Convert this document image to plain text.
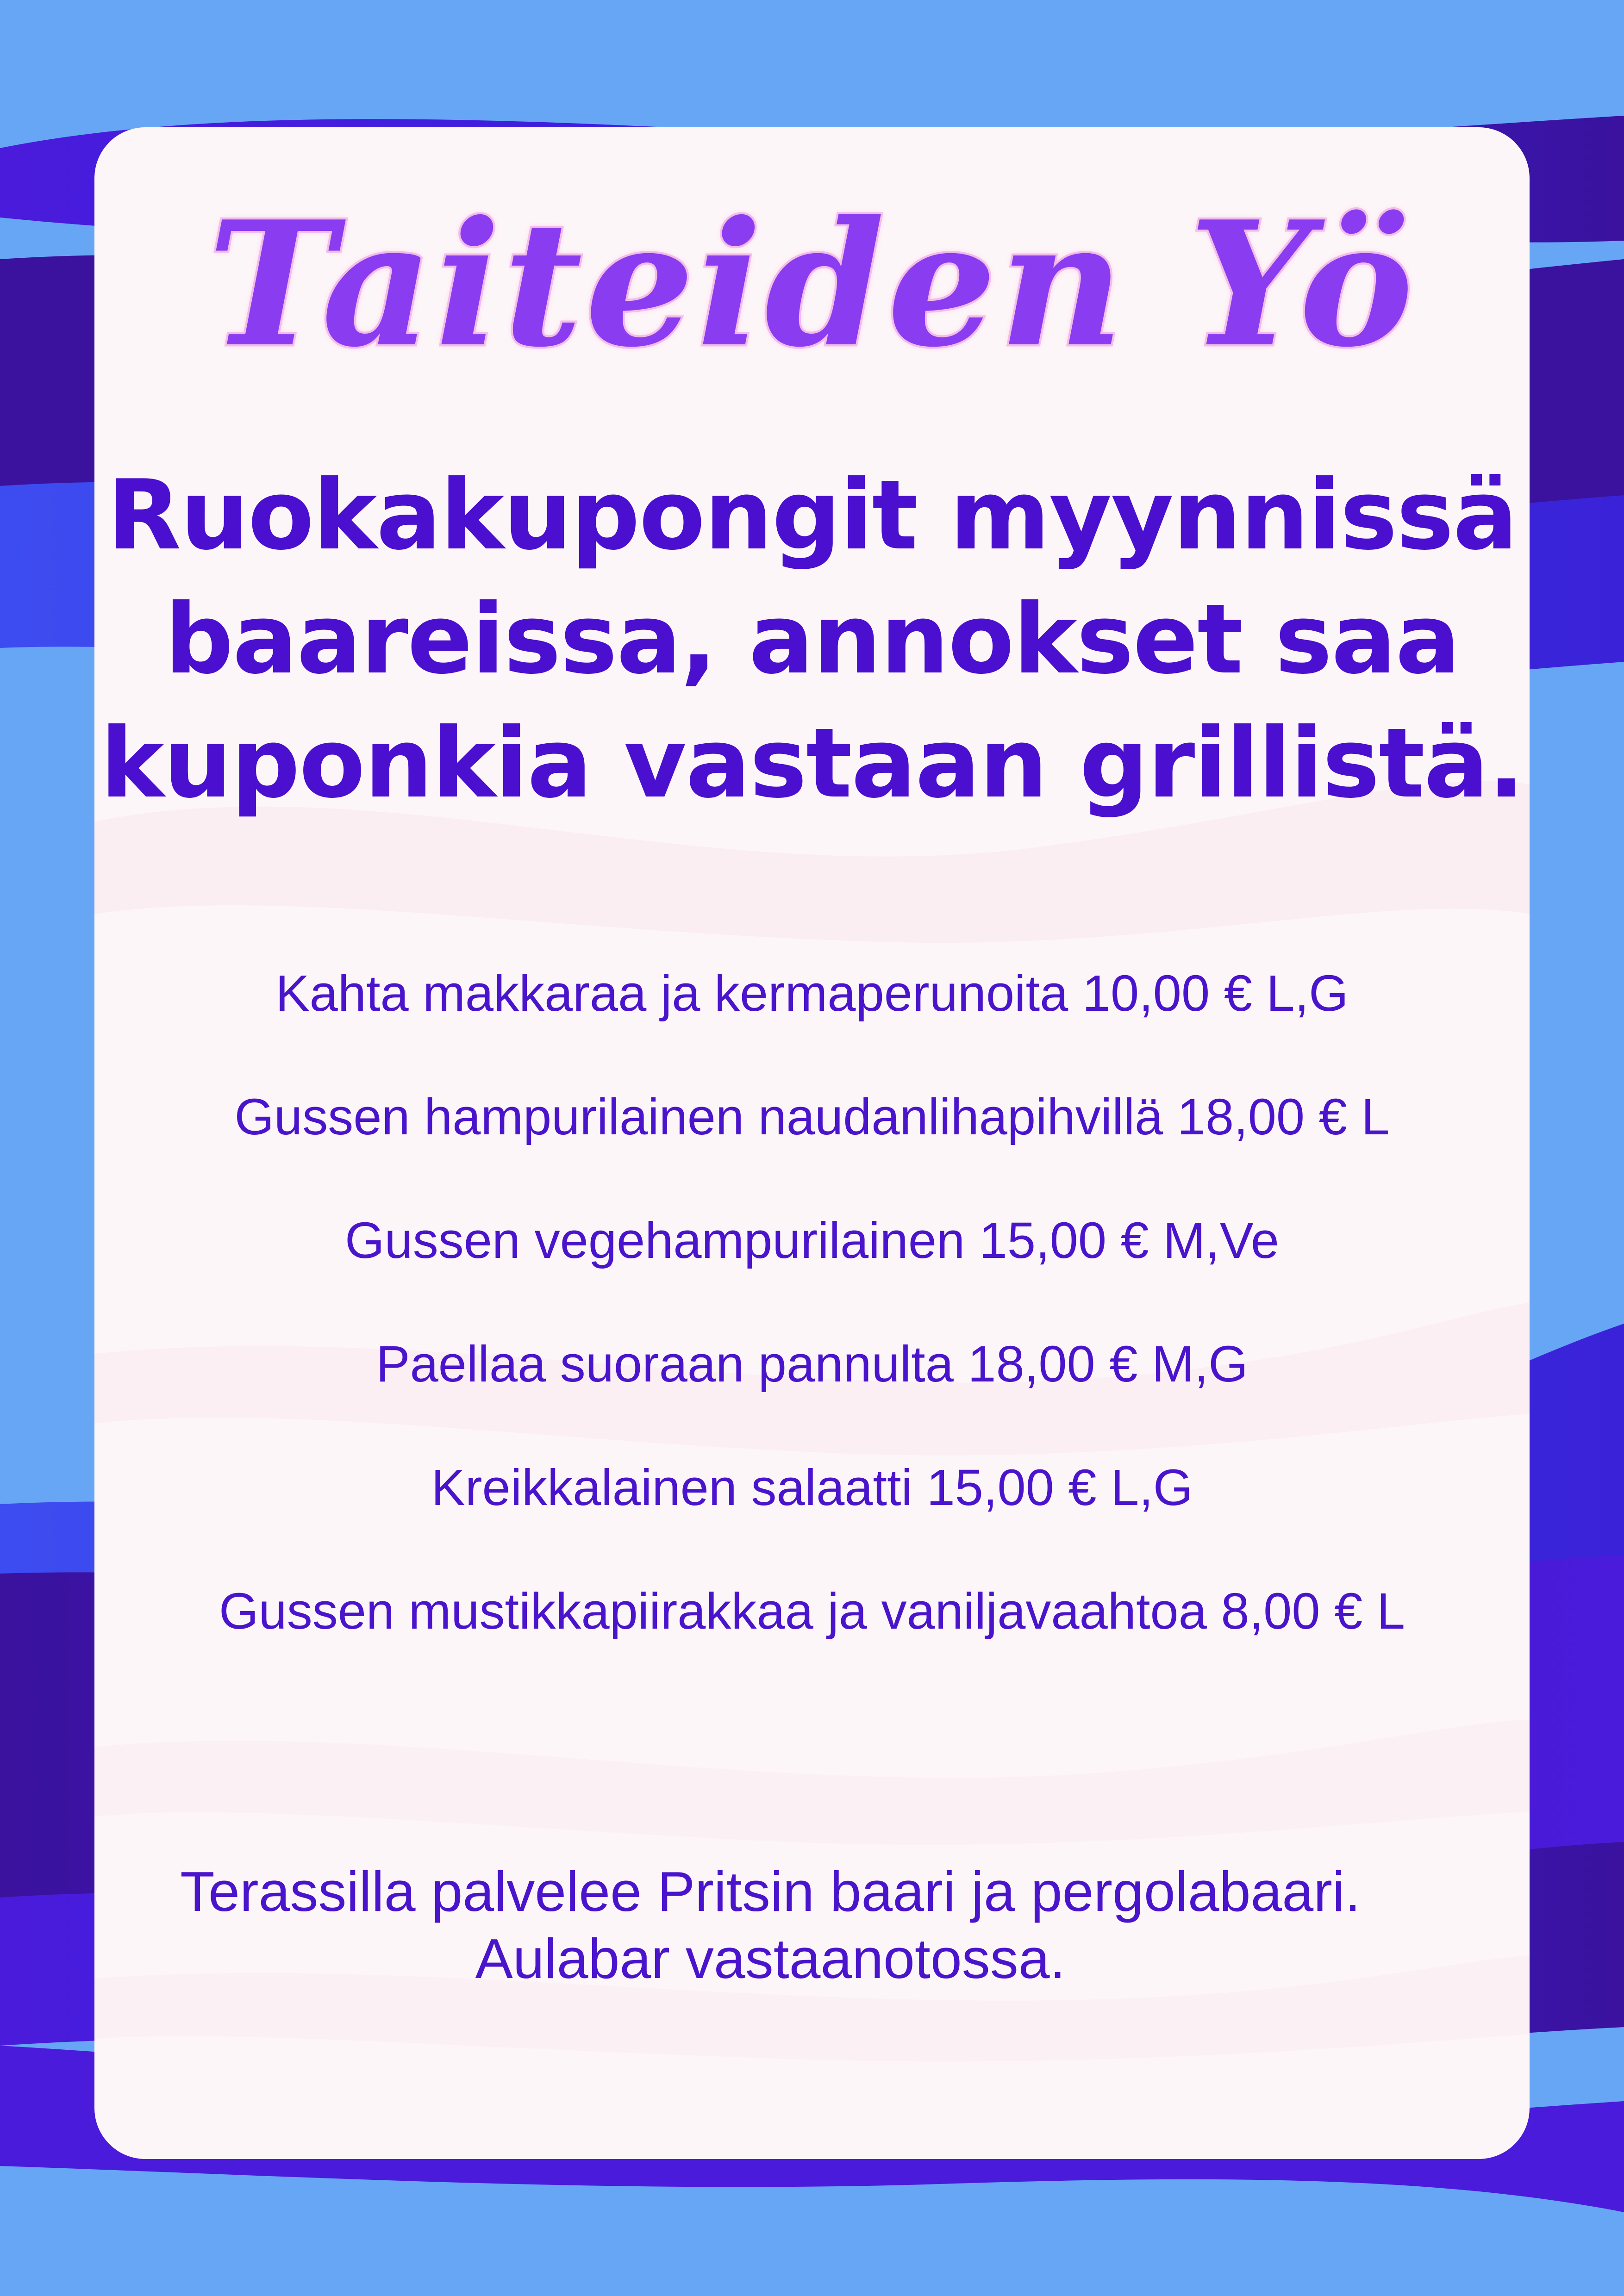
Taiteiden Yö
Ruokakupongit myynnissä
baareissa, annokset saa
kuponkia vastaan grillistä.
Kahta makkaraa ja kermaperunoita 10,00 € L,G
Gussen hampurilainen naudanlihapihvillä 18,00 € L
Gussen vegehampurilainen 15,00 € M,Ve
Paellaa suoraan pannulta 18,00 € M,G
Kreikkalainen salaatti 15,00 € L,G
Gussen mustikkapiirakkaa ja vaniljavaahtoa 8,00 € L

Terassilla palvelee Pritsin baari ja pergolabaari.
Aulabar vastaanotossa.
